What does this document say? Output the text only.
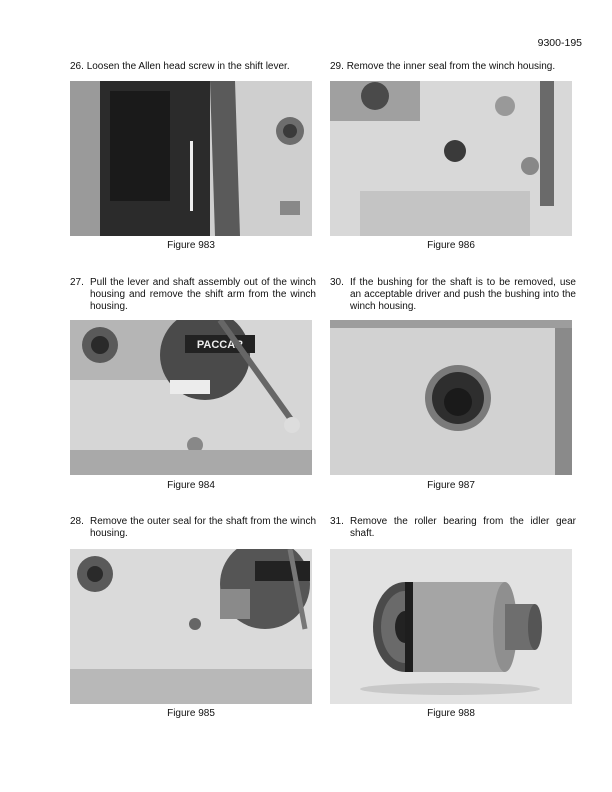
9300-195
26. Loosen the Allen head screw in the shift lever.
Figure 983
27. Pull the lever and shaft assembly out of the winch housing and remove the shift arm from the winch housing.
PACCAR
Figure 984
28. Remove the outer seal for the shaft from the winch housing.
Figure 985
29. Remove the inner seal from the winch housing.
Figure 986
30. If the bushing for the shaft is to be removed, use an acceptable driver and push the bushing into the winch housing.
Figure 987
31. Remove the roller bearing from the idler gear shaft.
Figure 988
